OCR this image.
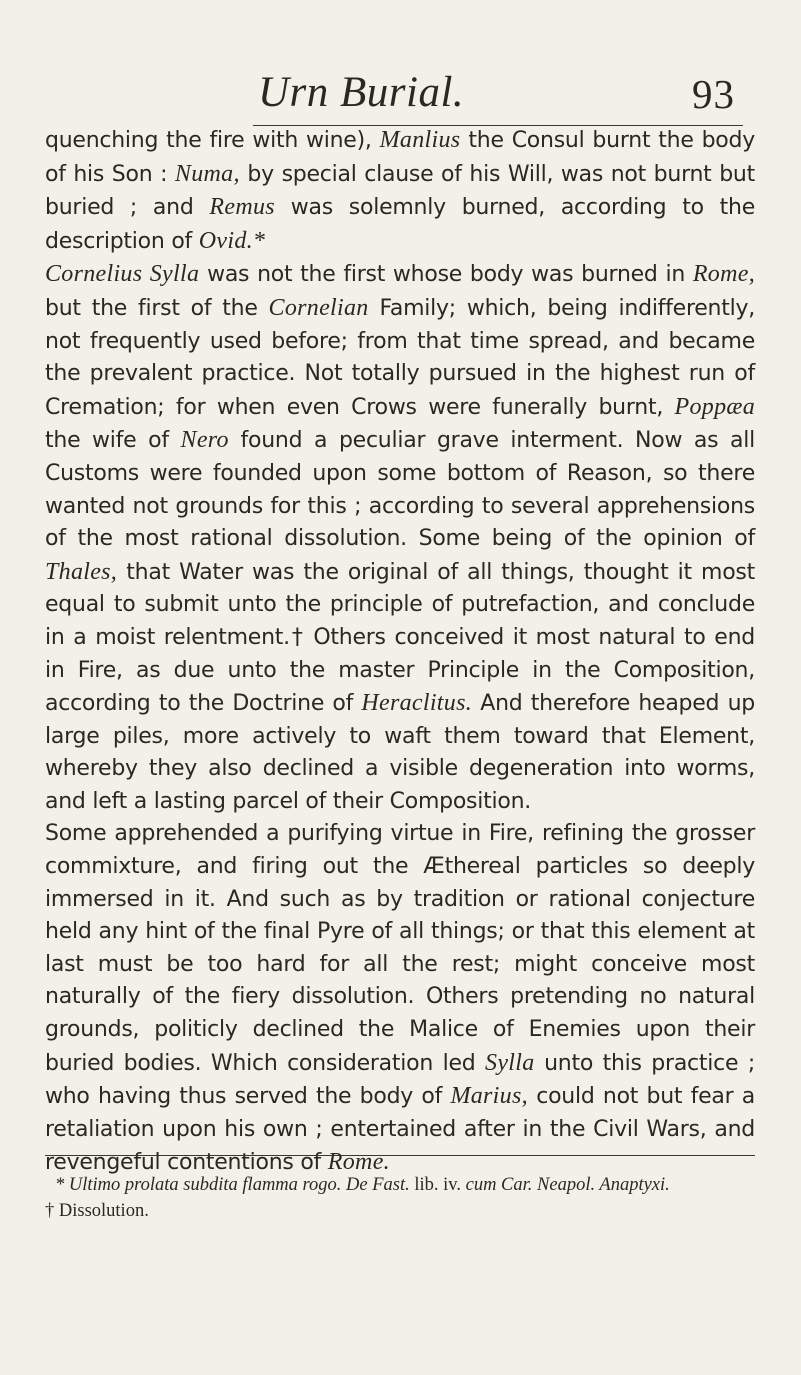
Urn Burial.	93

quenching the fire with wine), Manlius the Consul burnt the body of his Son : Numa, by special clause of his Will, was not burnt but buried ; and Remus was solemnly burned, according to the description of Ovid.*

Cornelius Sylla was not the first whose body was burned in Rome, but the first of the Cornelian Family; which, being indifferently, not frequently used before; from that time spread, and became the prevalent practice. Not totally pursued in the highest run of Cremation; for when even Crows were funerally burnt, Poppæa the wife of Nero found a peculiar grave interment. Now as all Customs were founded upon some bottom of Reason, so there wanted not grounds for this ; according to several apprehensions of the most rational dissolution. Some being of the opinion of Thales, that Water was the original of all things, thought it most equal to submit unto the principle of putrefaction, and conclude in a moist relentment.† Others conceived it most natural to end in Fire, as due unto the master Principle in the Composition, according to the Doctrine of Heraclitus. And therefore heaped up large piles, more actively to waft them toward that Element, whereby they also declined a visible degeneration into worms, and left a lasting parcel of their Composition.

Some apprehended a purifying virtue in Fire, refining the grosser commixture, and firing out the Æthereal particles so deeply immersed in it. And such as by tradition or rational conjecture held any hint of the final Pyre of all things; or that this element at last must be too hard for all the rest; might conceive most naturally of the fiery dissolution. Others pretending no natural grounds, politicly declined the Malice of Enemies upon their buried bodies. Which consideration led Sylla unto this practice ; who having thus served the body of Marius, could not but fear a retaliation upon his own ; entertained after in the Civil Wars, and revengeful contentions of Rome.

* Ultimo prolata subdita flamma rogo. De Fast. lib. iv. cum Car. Neapol. Anaptyxi.

† Dissolution.
